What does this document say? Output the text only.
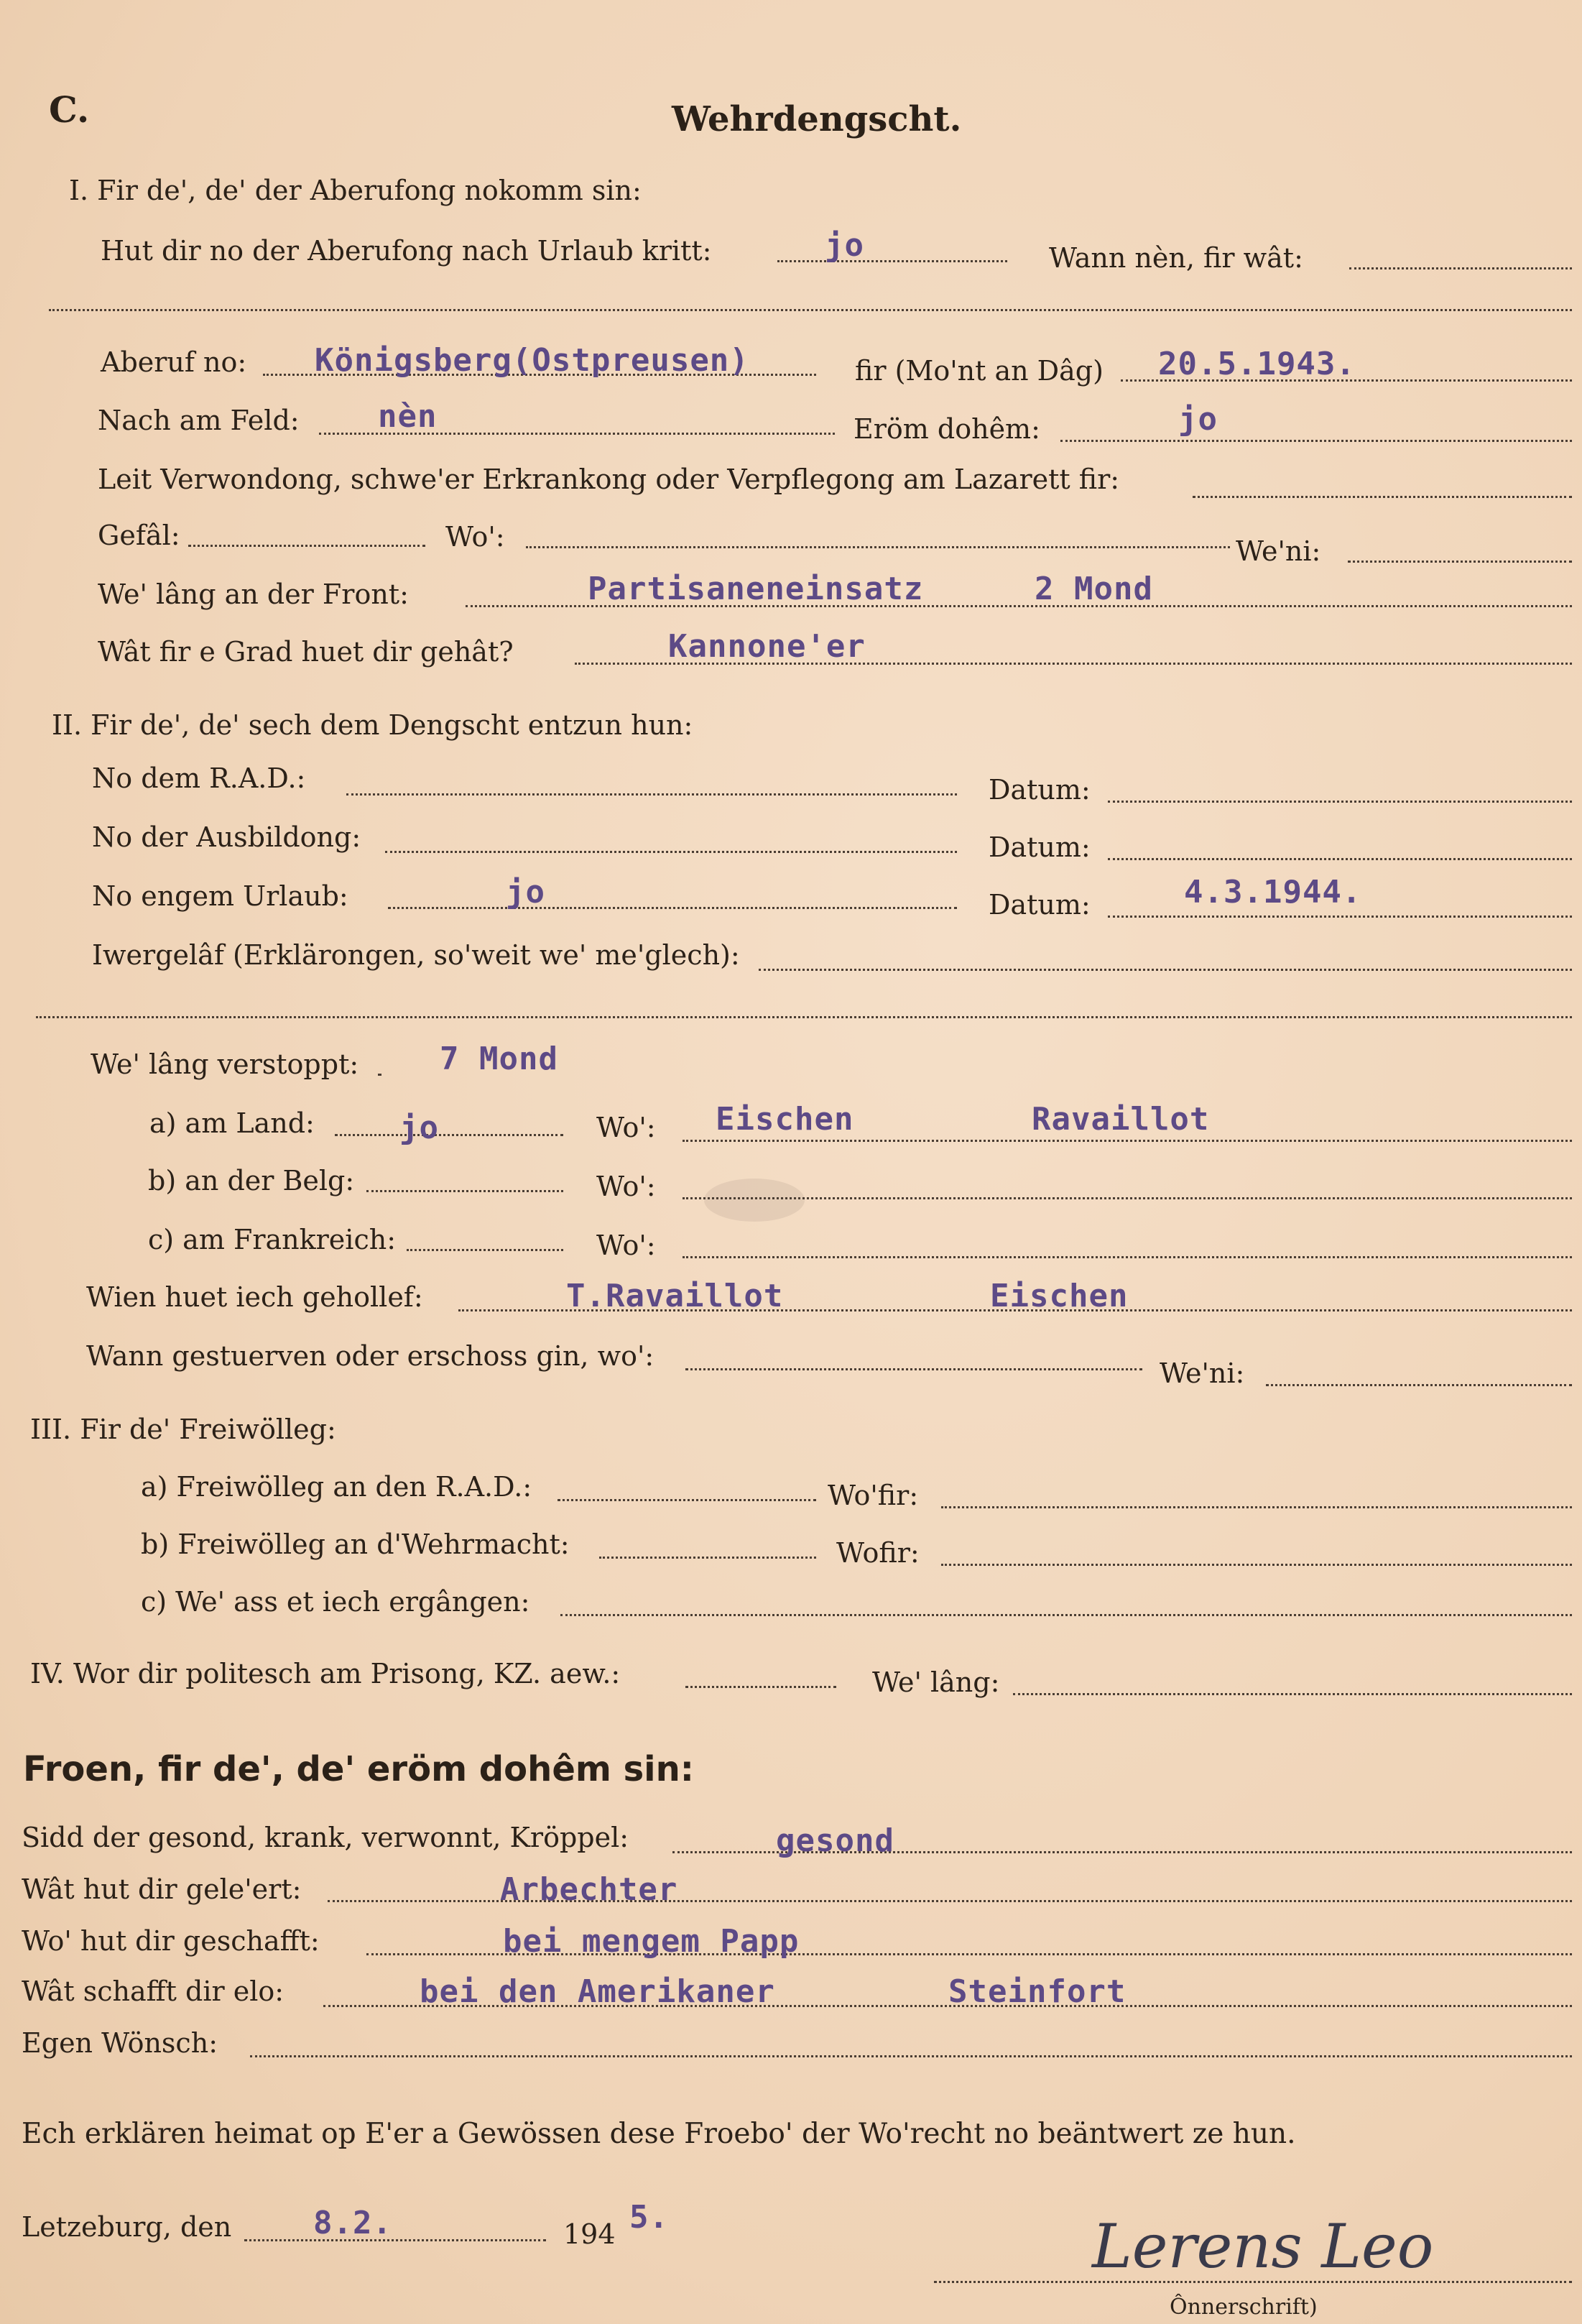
C.	Wehrdengscht.
I. Fir de', de' der Aberufong nokomm sin:
Hut dir no der Aberufong nach Urlaub kritt:	jo	Wann nèn, fir wât:
Aberuf no: Königsberg(Ostpreusen)	fir (Mo'nt an Dâg) 20.5.1943.
Nach am Feld: nèn	Eröm dohêm:	jo
Leit Verwondong, schwe'er Erkrankong oder Verpflegong am Lazarett fir:
Gefâl:	Wo':	We'ni:
We' lâng an der Front:	Partisaneneinsatz	2 Mond
Wât fir e Grad huet dir gehât?	Kannone'er
II. Fir de', de' sech dem Dengscht entzun hun:
No dem R.A.D.:	Datum:
No der Ausbildong:	Datum:
No engem Urlaub:	jo	Datum:	4.3.1944.
Iwergelâf (Erklärongen, so'weit we' me'glech):
We' lâng verstoppt:	7 Mond
a) am Land:	jo	Wo': Eischen	Ravaillot
b) an der Belg:	Wo':
c) am Frankreich:	Wo':
Wien huet iech gehollef:	T.Ravaillot	Eischen
Wann gestuerven oder erschoss gin, wo':
We'ni:
III. Fir de' Freiwölleg:
a) Freiwölleg an den R.A.D.:	Wo'fir:
b) Freiwölleg an d'Wehrmacht:	Wofir:
c) We' ass et iech ergângen:
IV. Wor dir politesch am Prisong, KZ. aew.:	We' lâng:
Froen, fir de', de' eröm dohêm sin:
Sidd der gesond, krank, verwonnt, Kröppel:	gesond
Wât hut dir gele'ert:	Arbechter
Wo' hut dir geschafft:	bei mengem Papp
Wât schafft dir elo:	bei den Amerikaner	Steinfort
Egen Wönsch:
Ech erklären heimat op E'er a Gewössen dese Froebo' der Wo'recht no beäntwert ze hun.
Letzeburg, den	8.2.	194 5.	Lerens Leo
Ônnerschrift)
